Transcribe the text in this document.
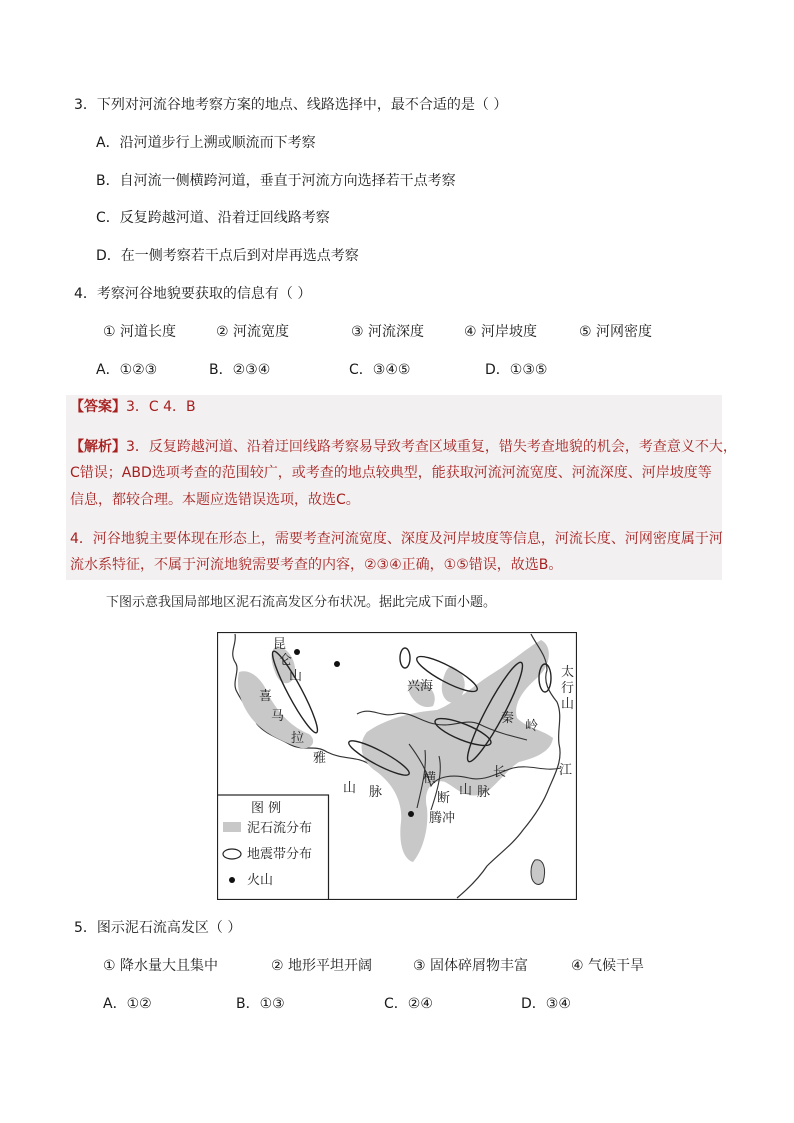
3．下列对河流谷地考察方案的地点、线路选择中，最不合适的是（ ）
A．沿河道步行上溯或顺流而下考察
B．自河流一侧横跨河道，垂直于河流方向选择若干点考察
C．反复跨越河道、沿着迂回线路考察
D．在一侧考察若干点后到对岸再选点考察
4．考察河谷地貌要获取的信息有（ ）
① 河道长度	② 河流宽度	③ 河流深度	④ 河岸坡度	⑤ 河网密度
A．①②③	B．②③④	C．③④⑤	D．①③⑤
【答案】3．C 4．B
【解析】3．反复跨越河道、沿着迂回线路考察易导致考查区域重复，错失考查地貌的机会，考查意义不大，
C错误；ABD选项考查的范围较广，或考查的地点较典型，能获取河流河流宽度、河流深度、河岸坡度等
信息，都较合理。本题应选错误选项，故选C。
4．河谷地貌主要体现在形态上，需要考查河流宽度、深度及河岸坡度等信息，河流长度、河网密度属于河
流水系特征，不属于河流地貌需要考查的内容，②③④正确，①⑤错误，故选B。
下图示意我国局部地区泥石流高发区分布状况。据此完成下面小题。
昆
仑
山
喜
马
拉
雅
山 脉
兴海
秦
岭
太
行
山
长	江
横
断
山 脉
腾冲
图 例
泥石流分布
地震带分布
火山
5．图示泥石流高发区（ ）
① 降水量大且集中	② 地形平坦开阔	③ 固体碎屑物丰富	④ 气候干旱
A．①②	B．①③	C．②④	D．③④
